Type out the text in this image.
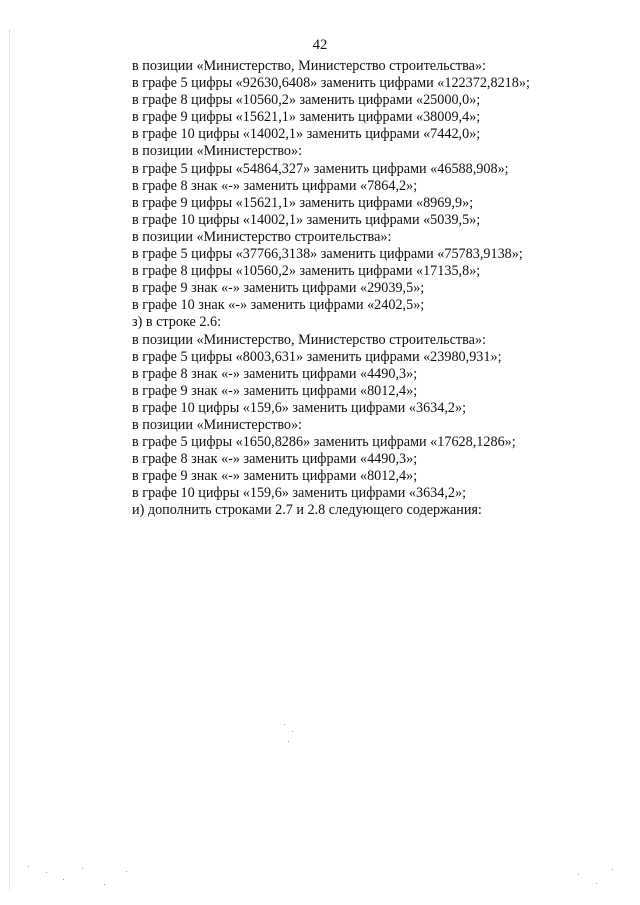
42
в позиции «Министерство, Министерство строительства»:
в графе 5 цифры «92630,6408» заменить цифрами «122372,8218»;
в графе 8 цифры «10560,2» заменить цифрами «25000,0»;
в графе 9 цифры «15621,1» заменить цифрами «38009,4»;
в графе 10 цифры «14002,1» заменить цифрами «7442,0»;
в позиции «Министерство»:
в графе 5 цифры «54864,327» заменить цифрами «46588,908»;
в графе 8 знак «-» заменить цифрами «7864,2»;
в графе 9 цифры «15621,1» заменить цифрами «8969,9»;
в графе 10 цифры «14002,1» заменить цифрами «5039,5»;
в позиции «Министерство строительства»:
в графе 5 цифры «37766,3138» заменить цифрами «75783,9138»;
в графе 8 цифры «10560,2» заменить цифрами «17135,8»;
в графе 9 знак «-» заменить цифрами «29039,5»;
в графе 10 знак «-» заменить цифрами «2402,5»;
з) в строке 2.6:
в позиции «Министерство, Министерство строительства»:
в графе 5 цифры «8003,631» заменить цифрами «23980,931»;
в графе 8 знак «-» заменить цифрами «4490,3»;
в графе 9 знак «-» заменить цифрами «8012,4»;
в графе 10 цифры «159,6» заменить цифрами «3634,2»;
в позиции «Министерство»:
в графе 5 цифры «1650,8286» заменить цифрами «17628,1286»;
в графе 8 знак «-» заменить цифрами «4490,3»;
в графе 9 знак «-» заменить цифрами «8012,4»;
в графе 10 цифры «159,6» заменить цифрами «3634,2»;
и) дополнить строками 2.7 и 2.8 следующего содержания:
